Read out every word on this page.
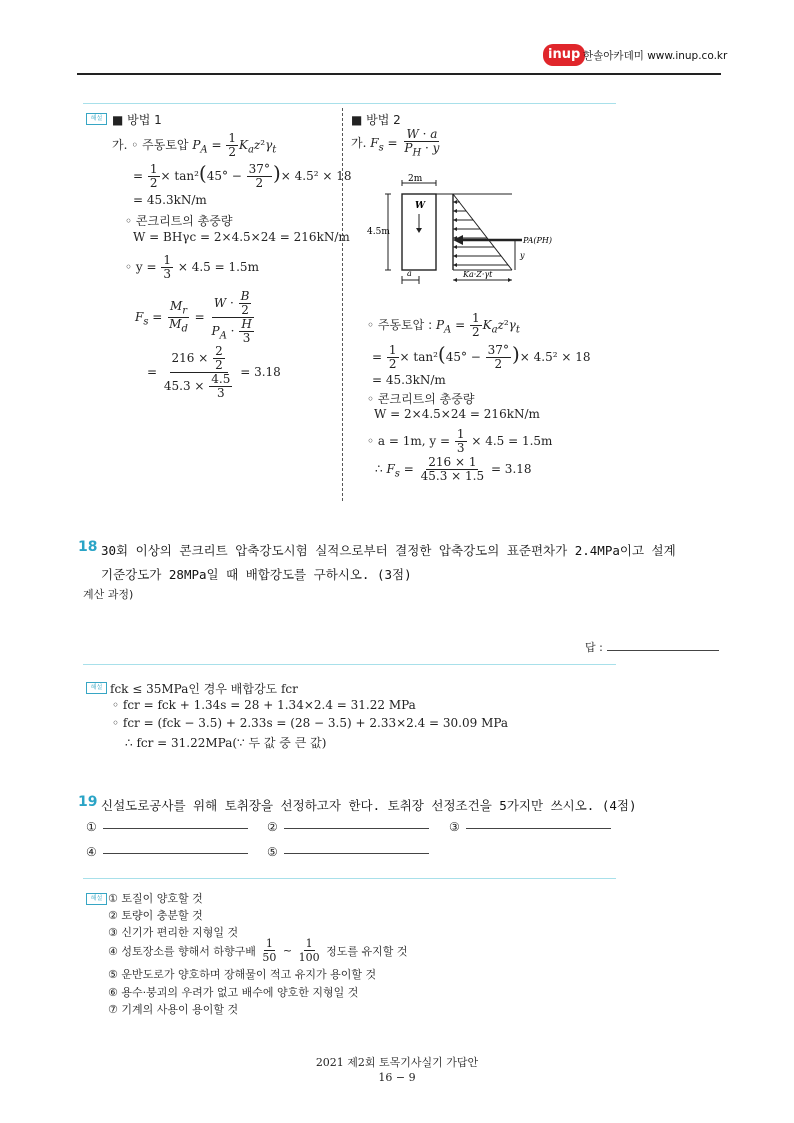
inup 한솔아카데미 www.inup.co.kr
해설 ■ 방법 1
가. ◦ 주동토압 $P_A = \frac{1}{2} K_az^2\gamma_t$
= $\frac{1}{2} \times \tan^2(45^\circ - \frac{37^\circ}{2}$ )× 4.5² × 18
= 45.3kN/m
◦ 콘크리트의 총중량
W = BHγc = 2×4.5×24 = 216kN/m
◦ $y = \frac{1}{3} \times 4.5 = 1.5m$
$F_s = \frac{M_r}{M_d} = \frac{W \cdot \frac{B}{2}}{P_A \cdot \frac{H}{3}}$
= $\frac{216 \times \frac{2}{2}}{45.3 \times \frac{4.5}{3}} = 3.18$
■ 방법 2
가. $F_s = \frac{W \cdot a}{P_H \cdot y}$
2m
W
4.5m
PA(PH)
y
a	Ka·Z·γt
◦ 주동토압 : $P_A = \frac{1}{2} K_az^2\gamma_t$
= $\frac{1}{2} \times \tan^2(45^\circ - \frac{37^\circ}{2}$ )× 4.5² × 18
= 45.3kN/m
◦ 콘크리트의 총중량
W = 2×4.5×24 = 216kN/m
◦ a = 1m, $y = \frac{1}{3} \times 4.5 = 1.5m$
∴ $F_s = \frac{216 \times 1}{45.3 \times 1.5} = 3.18$
18 30회 이상의 콘크리트 압축강도시험 실적으로부터 결정한 압축강도의 표준편차가 2.4MPa이고 설계
기준강도가 28MPa일 때 배합강도를 구하시오. (3점)
계산 과정)
답 :
해설 fck ≤ 35MPa인 경우 배합강도 fcr
◦ fcr = fck + 1.34s = 28 + 1.34×2.4 = 31.22 MPa
◦ fcr = (fck − 3.5) + 2.33s = (28 − 3.5) + 2.33×2.4 = 30.09 MPa
∴ fcr = 31.22MPa(∵ 두 값 중 큰 값)
19 신설도로공사를 위해 토취장을 선정하고자 한다. 토취장 선정조건을 5가지만 쓰시오. (4점)
①	②	③
④	⑤
해설 ① 토질이 양호할 것
② 토량이 충분할 것
③ 신기가 편리한 지형일 것
④ 성토장소를 향해서 하향구배
$\frac{1}{50}$ ~ $\frac{1}{100}$
정도를 유지할 것
⑤ 운반도로가 양호하며 장해물이 적고 유지가 용이할 것
⑥ 용수·붕괴의 우려가 없고 배수에 양호한 지형일 것
⑦ 기계의 사용이 용이할 것
2021 제2회 토목기사실기 가답안
16 − 9
